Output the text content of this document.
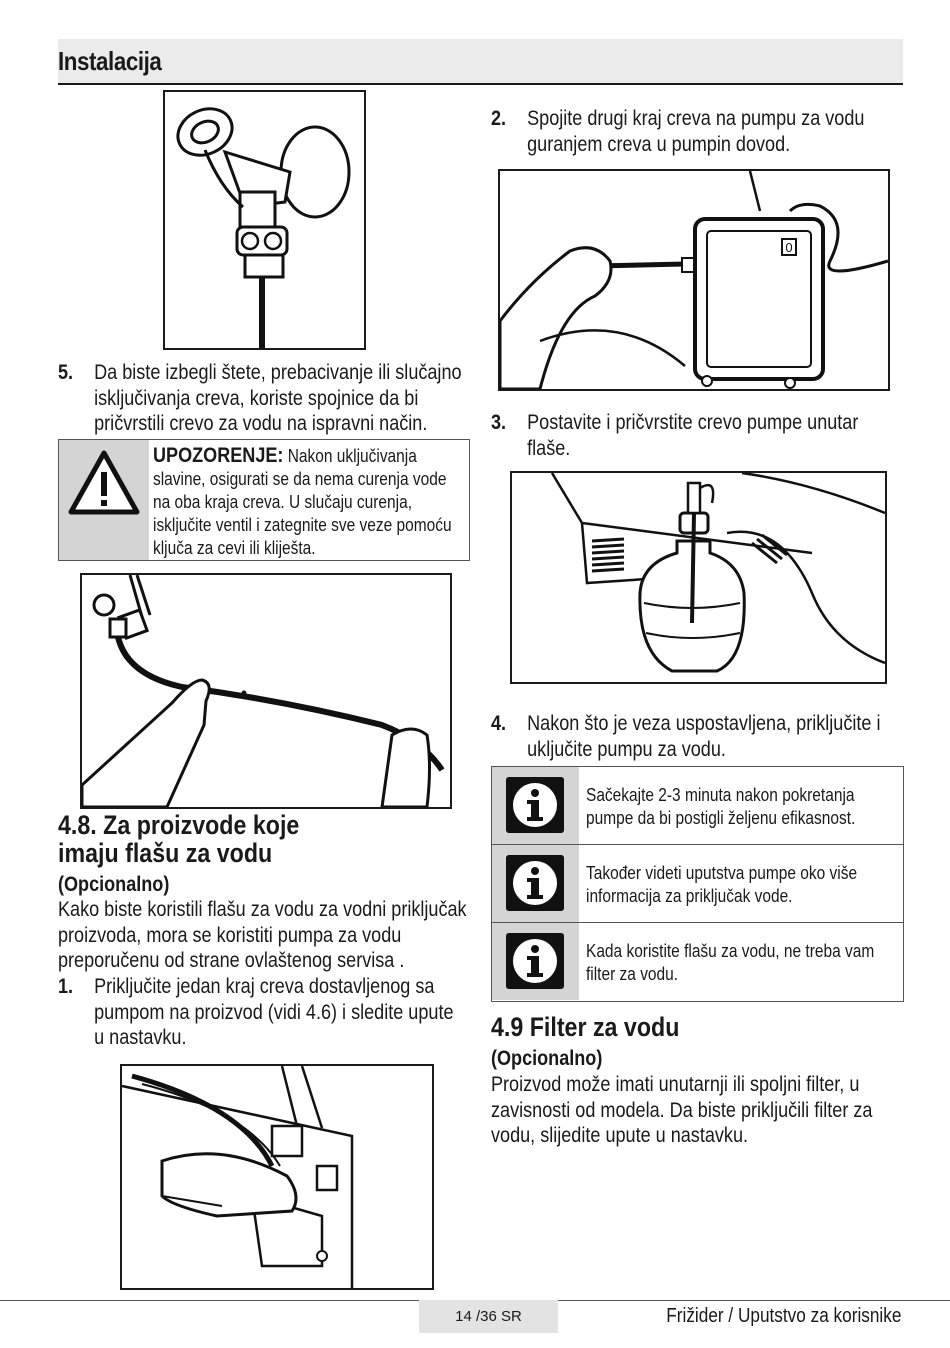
Instalacija
5. Da biste izbegli štete, prebacivanje ili slučajno
isključivanja creva, koriste spojnice da bi
pričvrstili crevo za vodu na ispravni način.
UPOZORENJE: Nakon uključivanja
slavine, osigurati se da nema curenja vode
na oba kraja creva. U slučaju curenja,
isključite ventil i zategnite sve veze pomoću
ključa za cevi ili kliješta.
4.8. Za proizvode koje
imaju flašu za vodu
(Opcionalno)
Kako biste koristili flašu za vodu za vodni priključak
proizvoda, mora se koristiti pumpa za vodu
preporučenu od strane ovlaštenog servisa .
1. Priključite jedan kraj creva dostavljenog sa
pumpom na proizvod (vidi 4.6) i sledite upute
u nastavku.
2. Spojite drugi kraj creva na pumpu za vodu
guranjem creva u pumpin dovod.
0
3. Postavite i pričvrstite crevo pumpe unutar
flaše.
4. Nakon što je veza uspostavljena, priključite i
uključite pumpu za vodu.
Sačekajte 2-3 minuta nakon pokretanja
pumpe da bi postigli željenu efikasnost.
Također videti uputstva pumpe oko više
informacija za priključak vode.
Kada koristite flašu za vodu, ne treba vam
filter za vodu.
4.9 Filter za vodu
(Opcionalno)
Proizvod može imati unutarnji ili spoljni filter, u
zavisnosti od modela. Da biste priključili filter za
vodu, slijedite upute u nastavku.
14 /36 SR	Frižider / Uputstvo za korisnike
